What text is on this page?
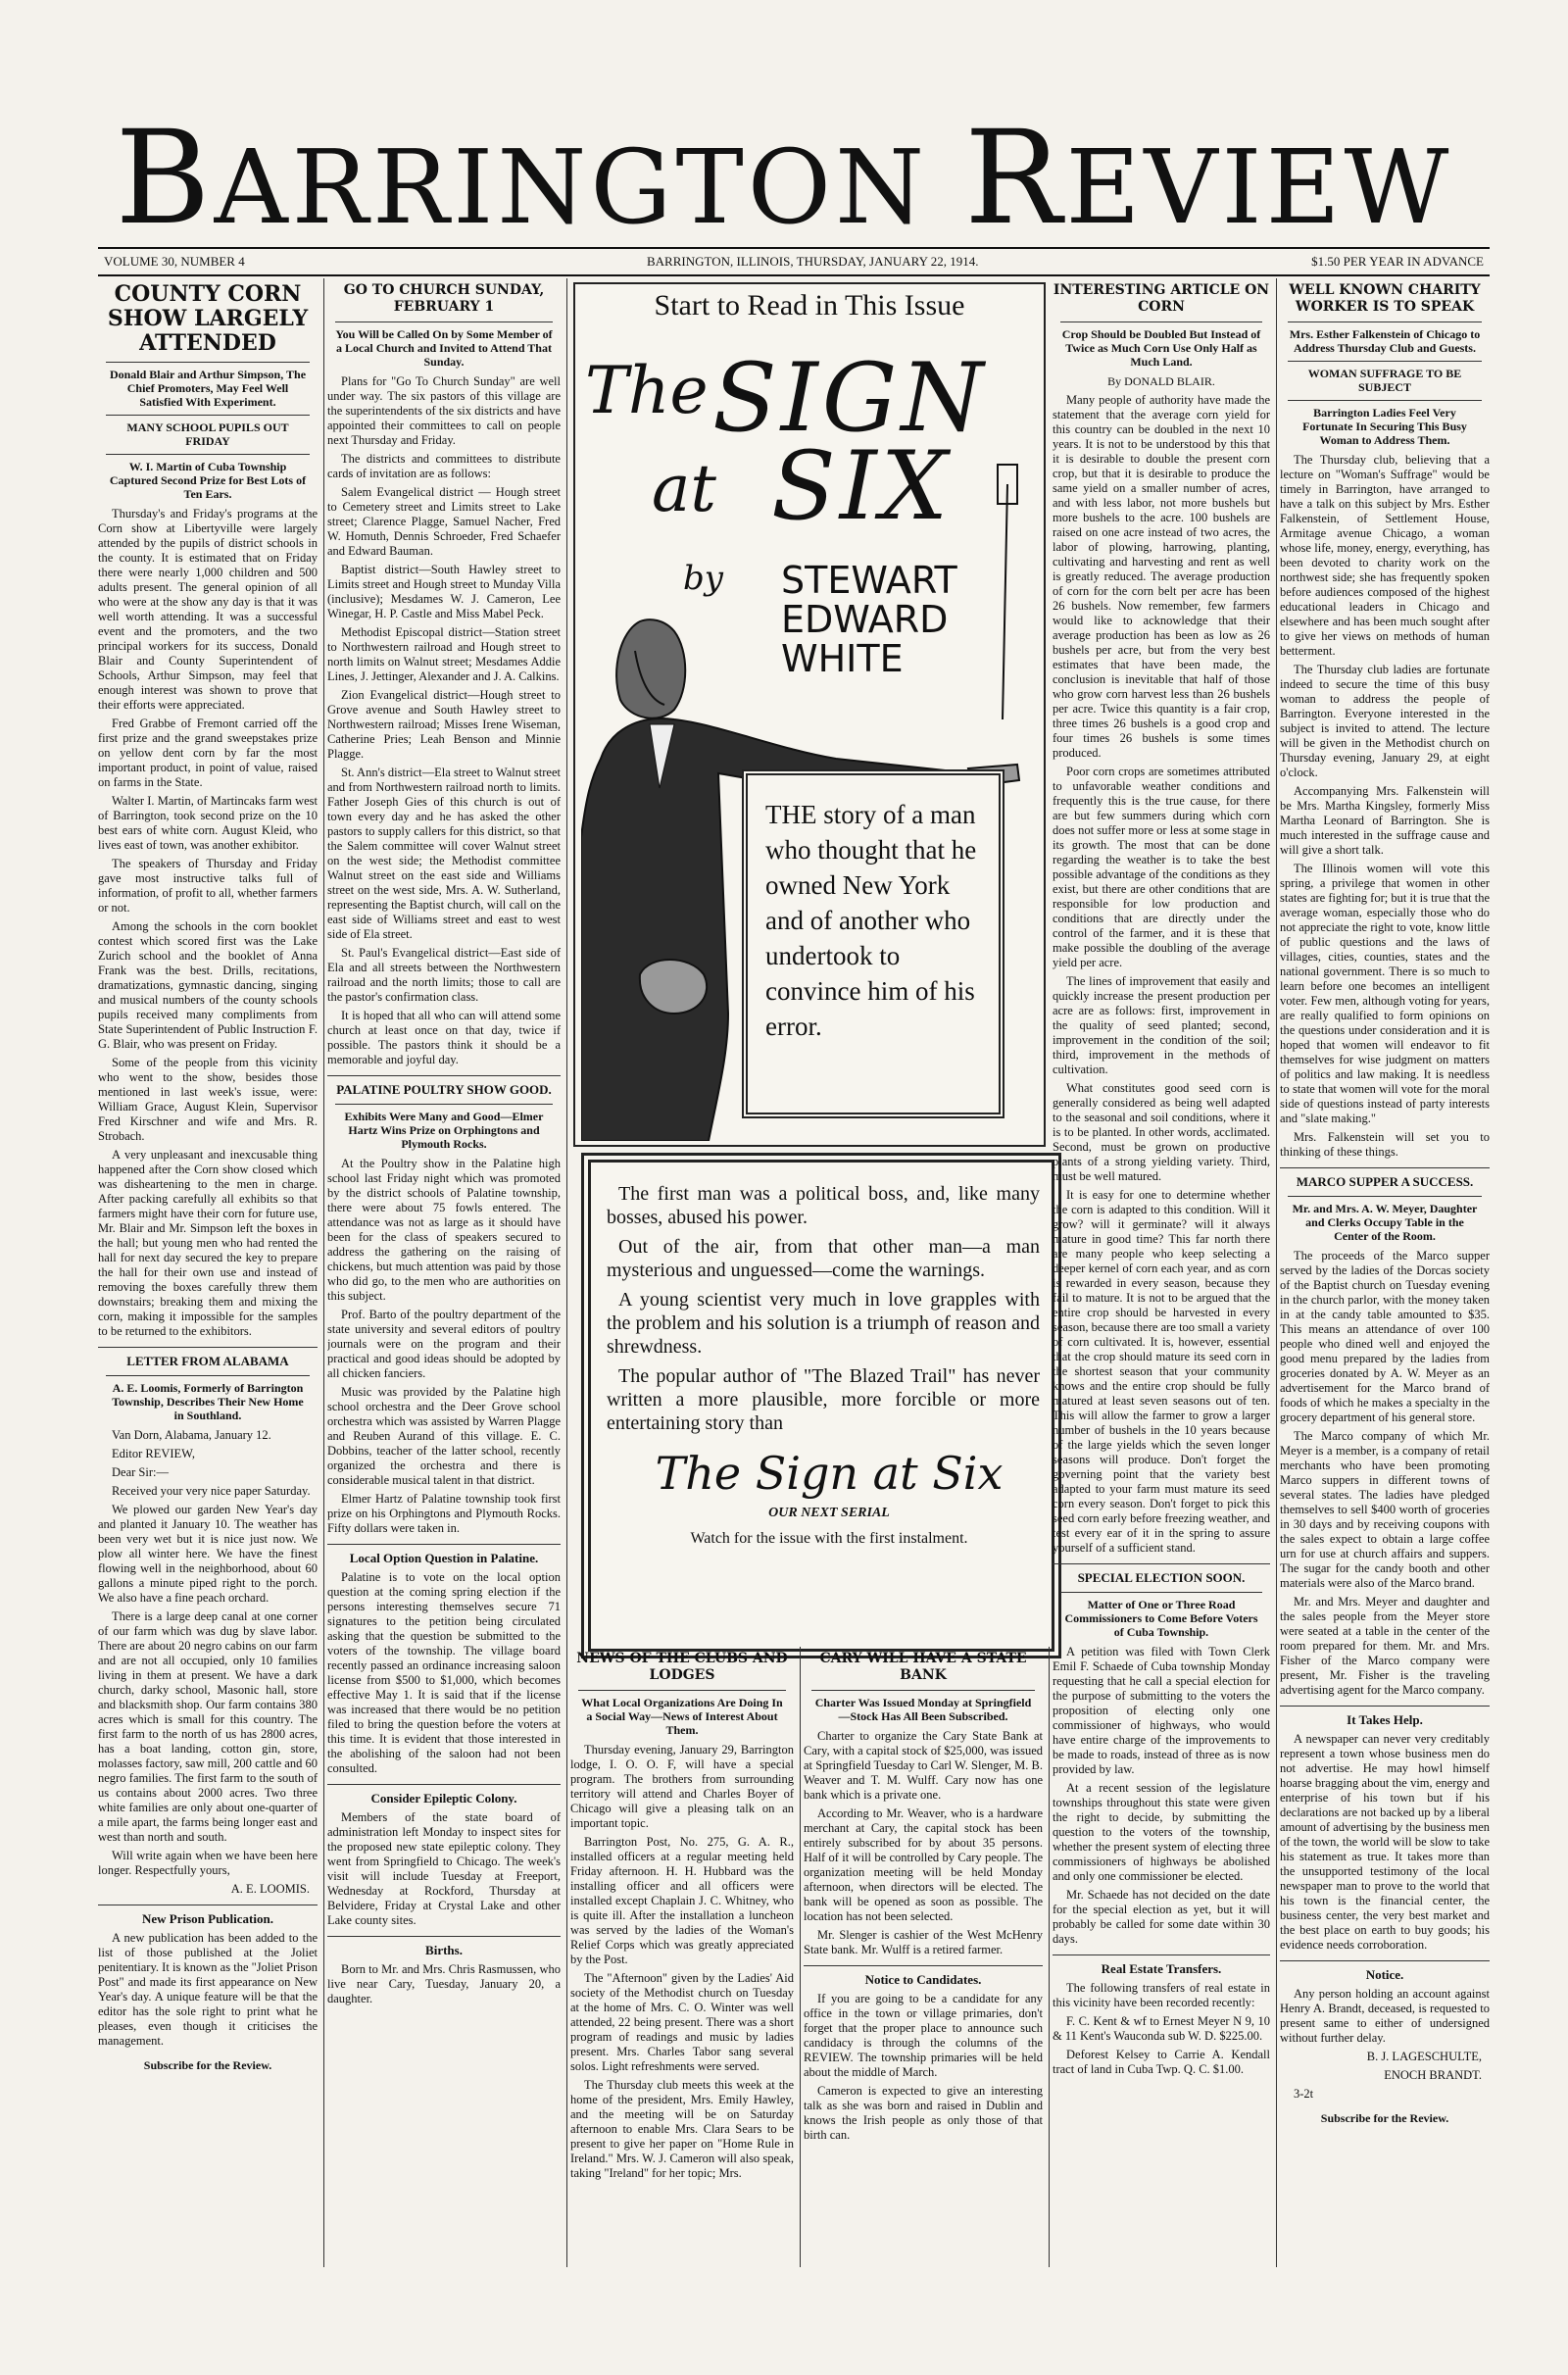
BARRINGTON REVIEW
VOLUME 30, NUMBER 4	BARRINGTON, ILLINOIS, THURSDAY, JANUARY 22, 1914.	$1.50 PER YEAR IN ADVANCE
COUNTY CORN SHOW LARGELY ATTENDED
Donald Blair and Arthur Simpson, The Chief Promoters, May Feel Well Satisfied With Experiment.
MANY SCHOOL PUPILS OUT FRIDAY
W. I. Martin of Cuba Township Captured Second Prize for Best Lots of Ten Ears.

Thursday's and Friday's programs at the Corn show at Libertyville were largely attended by the pupils of district schools in the county. It is estimated that on Friday there were nearly 1,000 children and 500 adults present. The general opinion of all who were at the show any day is that it was well worth attending. It was a successful event and the promoters, and the two principal workers for its success, Donald Blair and County Superintendent of Schools, Arthur Simpson, may feel that enough interest was shown to prove that their efforts were appreciated.

Fred Grabbe of Fremont carried off the first prize and the grand sweepstakes prize on yellow dent corn by far the most important product, in point of value, raised on farms in the State.

Walter I. Martin, of Martincaks farm west of Barrington, took second prize on the 10 best ears of white corn. August Kleid, who lives east of town, was another exhibitor.

The speakers of Thursday and Friday gave most instructive talks full of information, of profit to all, whether farmers or not.

Among the schools in the corn booklet contest which scored first was the Lake Zurich school and the booklet of Anna Frank was the best. Drills, recitations, dramatizations, gymnastic dancing, singing and musical numbers of the county schools pupils received many compliments from State Superintendent of Public Instruction F. G. Blair, who was present on Friday.

Some of the people from this vicinity who went to the show, besides those mentioned in last week's issue, were: William Grace, August Klein, Supervisor Fred Kirschner and wife and Mrs. R. Strobach.

A very unpleasant and inexcusable thing happened after the Corn show closed which was disheartening to the men in charge. After packing carefully all exhibits so that farmers might have their corn for future use, Mr. Blair and Mr. Simpson left the boxes in the hall; but young men who had rented the hall for next day secured the key to prepare the hall for their own use and instead of removing the boxes carefully threw them downstairs; breaking them and mixing the corn, making it impossible for the samples to be returned to the exhibitors.

LETTER FROM ALABAMA
A. E. Loomis, Formerly of Barrington Township, Describes Their New Home in Southland.

Van Dorn, Alabama, January 12.

Editor REVIEW,

Dear Sir:—

Received your very nice paper Saturday.

We plowed our garden New Year's day and planted it January 10. The weather has been very wet but it is nice just now. We plow all winter here. We have the finest flowing well in the neighborhood, about 60 gallons a minute piped right to the porch. We also have a fine peach orchard.

There is a large deep canal at one corner of our farm which was dug by slave labor. There are about 20 negro cabins on our farm and are not all occupied, only 10 families living in them at present. We have a dark church, darky school, Masonic hall, store and blacksmith shop. Our farm contains 380 acres which is small for this country. The first farm to the north of us has 2800 acres, has a boat landing, cotton gin, store, molasses factory, saw mill, 200 cattle and 60 negro families. The first farm to the south of us contains about 2000 acres. Two three white families are only about one-quarter of a mile apart, the farms being longer east and west than north and south.

Will write again when we have been here longer. Respectfully yours,

A. E. LOOMIS.

New Prison Publication.

A new publication has been added to the list of those published at the Joliet penitentiary. It is known as the "Joliet Prison Post" and made its first appearance on New Year's day. A unique feature will be that the editor has the sole right to print what he pleases, even though it criticises the management.

Subscribe for the Review.
GO TO CHURCH SUNDAY, FEBRUARY 1
You Will be Called On by Some Member of a Local Church and Invited to Attend That Sunday.

Plans for "Go To Church Sunday" are well under way. The six pastors of this village are the superintendents of the six districts and have appointed their committees to call on people next Thursday and Friday.

The districts and committees to distribute cards of invitation are as follows:

Salem Evangelical district — Hough street to Cemetery street and Limits street to Lake street; Clarence Plagge, Samuel Nacher, Fred W. Homuth, Dennis Schroeder, Fred Schaefer and Edward Bauman.

Baptist district—South Hawley street to Limits street and Hough street to Munday Villa (inclusive); Mesdames W. J. Cameron, Lee Winegar, H. P. Castle and Miss Mabel Peck.

Methodist Episcopal district—Station street to Northwestern railroad and Hough street to north limits on Walnut street; Mesdames Addie Lines, J. Jettinger, Alexander and J. A. Calkins.

Zion Evangelical district—Hough street to Grove avenue and South Hawley street to Northwestern railroad; Misses Irene Wiseman, Catherine Pries; Leah Benson and Minnie Plagge.

St. Ann's district—Ela street to Walnut street and from Northwestern railroad north to limits. Father Joseph Gies of this church is out of town every day and he has asked the other pastors to supply callers for this district, so that the Salem committee will cover Walnut street on the west side; the Methodist committee Walnut street on the east side and Williams street on the west side, Mrs. A. W. Sutherland, representing the Baptist church, will call on the east side of Williams street and east to west side of Ela street.

St. Paul's Evangelical district—East side of Ela and all streets between the Northwestern railroad and the north limits; those to call are the pastor's confirmation class.

It is hoped that all who can will attend some church at least once on that day, twice if possible. The pastors think it should be a memorable and joyful day.

PALATINE POULTRY SHOW GOOD.
Exhibits Were Many and Good—Elmer Hartz Wins Prize on Orphingtons and Plymouth Rocks.

At the Poultry show in the Palatine high school last Friday night which was promoted by the district schools of Palatine township, there were about 75 fowls entered. The attendance was not as large as it should have been for the class of speakers secured to address the gathering on the raising of chickens, but much attention was paid by those who did go, to the men who are authorities on this subject.

Prof. Barto of the poultry department of the state university and several editors of poultry journals were on the program and their practical and good ideas should be adopted by all chicken fanciers.

Music was provided by the Palatine high school orchestra and the Deer Grove school orchestra which was assisted by Warren Plagge and Reuben Aurand of this village. E. C. Dobbins, teacher of the latter school, recently organized the orchestra and there is considerable musical talent in that district.

Elmer Hartz of Palatine township took first prize on his Orphingtons and Plymouth Rocks. Fifty dollars were taken in.

Local Option Question in Palatine.

Palatine is to vote on the local option question at the coming spring election if the persons interesting themselves secure 71 signatures to the petition being circulated asking that the question be submitted to the voters of the township. The village board recently passed an ordinance increasing saloon license from $500 to $1,000, which becomes effective May 1. It is said that if the license was increased that there would be no petition filed to bring the question before the voters at this time. It is evident that those interested in the abolishing of the saloon had not been consulted.

Consider Epileptic Colony.

Members of the state board of administration left Monday to inspect sites for the proposed new state epileptic colony. They went from Springfield to Chicago. The week's visit will include Tuesday at Freeport, Wednesday at Rockford, Thursday at Belvidere, Friday at Crystal Lake and other Lake county sites.

Births.

Born to Mr. and Mrs. Chris Rasmussen, who live near Cary, Tuesday, January 20, a daughter.

Start to Read in This Issue
The SIGN
at SIX
by STEWART
EDWARD
WHITE
THE story of a man who thought that he owned New York and of another who undertook to convince him of his error.

The first man was a political boss, and, like many bosses, abused his power.

Out of the air, from that other man—a man mysterious and unguessed—come the warnings.

A young scientist very much in love grapples with the problem and his solution is a triumph of reason and shrewdness.

The popular author of "The Blazed Trail" has never written a more plausible, more forcible or more entertaining story than

The Sign at Six

OUR NEXT SERIAL

Watch for the issue with the first instalment.

NEWS OF THE CLUBS AND LODGES
What Local Organizations Are Doing In a Social Way—News of Interest About Them.

Thursday evening, January 29, Barrington lodge, I. O. O. F, will have a special program. The brothers from surrounding territory will attend and Charles Boyer of Chicago will give a pleasing talk on an important topic.

Barrington Post, No. 275, G. A. R., installed officers at a regular meeting held Friday afternoon. H. H. Hubbard was the installing officer and all officers were installed except Chaplain J. C. Whitney, who is quite ill. After the installation a luncheon was served by the ladies of the Woman's Relief Corps which was greatly appreciated by the Post.

The "Afternoon" given by the Ladies' Aid society of the Methodist church on Tuesday at the home of Mrs. C. O. Winter was well attended, 22 being present. There was a short program of readings and music by ladies present. Mrs. Charles Tabor sang several solos. Light refreshments were served.

The Thursday club meets this week at the home of the president, Mrs. Emily Hawley, and the meeting will be on Saturday afternoon to enable Mrs. Clara Sears to be present to give her paper on "Home Rule in Ireland." Mrs. W. J. Cameron will also speak, taking "Ireland" for her topic; Mrs.

CARY WILL HAVE A STATE BANK
Charter Was Issued Monday at Springfield—Stock Has All Been Subscribed.

Charter to organize the Cary State Bank at Cary, with a capital stock of $25,000, was issued at Springfield Tuesday to Carl W. Slenger, M. B. Weaver and T. M. Wulff. Cary now has one bank which is a private one.

According to Mr. Weaver, who is a hardware merchant at Cary, the capital stock has been entirely subscribed for by about 35 persons. Half of it will be controlled by Cary people. The organization meeting will be held Monday afternoon, when directors will be elected. The bank will be opened as soon as possible. The location has not been selected.

Mr. Slenger is cashier of the West McHenry State bank. Mr. Wulff is a retired farmer.

Notice to Candidates.

If you are going to be a candidate for any office in the town or village primaries, don't forget that the proper place to announce such candidacy is through the columns of the REVIEW. The township primaries will be held about the middle of March.

Cameron is expected to give an interesting talk as she was born and raised in Dublin and knows the Irish people as only those of that birth can.

INTERESTING ARTICLE ON CORN
Crop Should be Doubled But Instead of Twice as Much Corn Use Only Half as Much Land.
By DONALD BLAIR.

Many people of authority have made the statement that the average corn yield for this country can be doubled in the next 10 years. It is not to be understood by this that it is desirable to double the present corn crop, but that it is desirable to produce the same yield on a smaller number of acres, and with less labor, not more bushels but more bushels to the acre. 100 bushels are raised on one acre instead of two acres, the labor of plowing, harrowing, planting, cultivating and harvesting and rent as well is greatly reduced. The average production of corn for the corn belt per acre has been 26 bushels. Now remember, few farmers would like to acknowledge that their average production has been as low as 26 bushels per acre, but from the very best estimates that have been made, the conclusion is inevitable that half of those who grow corn harvest less than 26 bushels per acre. Twice this quantity is a fair crop, three times 26 bushels is a good crop and four times 26 bushels is some times produced.

Poor corn crops are sometimes attributed to unfavorable weather conditions and frequently this is the true cause, for there are but few summers during which corn does not suffer more or less at some stage in its growth. The most that can be done regarding the weather is to take the best possible advantage of the conditions as they exist, but there are other conditions that are responsible for low production and conditions that are directly under the control of the farmer, and it is these that make possible the doubling of the average yield per acre.

The lines of improvement that easily and quickly increase the present production per acre are as follows: first, improvement in the quality of seed planted; second, improvement in the condition of the soil; third, improvement in the methods of cultivation.

What constitutes good seed corn is generally considered as being well adapted to the seasonal and soil conditions, where it is to be planted. In other words, acclimated. Second, must be grown on productive plants of a strong yielding variety. Third, must be well matured.

It is easy for one to determine whether the corn is adapted to this condition. Will it grow? will it germinate? will it always mature in good time? This far north there are many people who keep selecting a deeper kernel of corn each year, and as corn is rewarded in every season, because they fail to mature. It is not to be argued that the entire crop should be harvested in every season, because there are too small a variety of corn cultivated. It is, however, essential that the crop should mature its seed corn in the shortest season that your community knows and the entire crop should be fully matured at least seven seasons out of ten. This will allow the farmer to grow a larger number of bushels in the 10 years because of the large yields which the seven longer seasons will produce. Don't forget the governing point that the variety best adapted to your farm must mature its seed corn every season. Don't forget to pick this seed corn early before freezing weather, and test every ear of it in the spring to assure yourself of a sufficient stand.

SPECIAL ELECTION SOON.
Matter of One or Three Road Commissioners to Come Before Voters of Cuba Township.

A petition was filed with Town Clerk Emil F. Schaede of Cuba township Monday requesting that he call a special election for the purpose of submitting to the voters the proposition of electing only one commissioner of highways, who would have entire charge of the improvements to be made to roads, instead of three as is now provided by law.

At a recent session of the legislature townships throughout this state were given the right to decide, by submitting the question to the voters of the township, whether the present system of electing three commissioners of highways be abolished and only one commissioner be elected.

Mr. Schaede has not decided on the date for the special election as yet, but it will probably be called for some date within 30 days.

Real Estate Transfers.

The following transfers of real estate in this vicinity have been recorded recently:

F. C. Kent & wf to Ernest Meyer N 9, 10 & 11 Kent's Wauconda sub W. D. $225.00.

Deforest Kelsey to Carrie A. Kendall tract of land in Cuba Twp. Q. C. $1.00.

WELL KNOWN CHARITY WORKER IS TO SPEAK
Mrs. Esther Falkenstein of Chicago to Address Thursday Club and Guests.
WOMAN SUFFRAGE TO BE SUBJECT
Barrington Ladies Feel Very Fortunate In Securing This Busy Woman to Address Them.

The Thursday club, believing that a lecture on "Woman's Suffrage" would be timely in Barrington, have arranged to have a talk on this subject by Mrs. Esther Falkenstein, of Settlement House, Armitage avenue Chicago, a woman whose life, money, energy, everything, has been devoted to charity work on the northwest side; she has frequently spoken before audiences composed of the highest educational leaders in Chicago and elsewhere and has been much sought after to give her views on methods of human betterment.

The Thursday club ladies are fortunate indeed to secure the time of this busy woman to address the people of Barrington. Everyone interested in the subject is invited to attend. The lecture will be given in the Methodist church on Thursday evening, January 29, at eight o'clock.

Accompanying Mrs. Falkenstein will be Mrs. Martha Kingsley, formerly Miss Martha Leonard of Barrington. She is much interested in the suffrage cause and will give a short talk.

The Illinois women will vote this spring, a privilege that women in other states are fighting for; but it is true that the average woman, especially those who do not appreciate the right to vote, know little of public questions and the laws of villages, cities, counties, states and the national government. There is so much to learn before one becomes an intelligent voter. Few men, although voting for years, are really qualified to form opinions on the questions under consideration and it is hoped that women will endeavor to fit themselves for wise judgment on matters of politics and law making. It is needless to state that women will vote for the moral side of questions instead of party interests and "slate making."

Mrs. Falkenstein will set you to thinking of these things.

MARCO SUPPER A SUCCESS.
Mr. and Mrs. A. W. Meyer, Daughter and Clerks Occupy Table in the Center of the Room.

The proceeds of the Marco supper served by the ladies of the Dorcas society of the Baptist church on Tuesday evening in the church parlor, with the money taken in at the candy table amounted to $35. This means an attendance of over 100 people who dined well and enjoyed the good menu prepared by the ladies from groceries donated by A. W. Meyer as an advertisement for the Marco brand of foods of which he makes a specialty in the grocery department of his general store.

The Marco company of which Mr. Meyer is a member, is a company of retail merchants who have been promoting Marco suppers in different towns of several states. The ladies have pledged themselves to sell $400 worth of groceries in 30 days and by receiving coupons with the sales expect to obtain a large coffee urn for use at church affairs and suppers. The sugar for the candy booth and other materials were also of the Marco brand.

Mr. and Mrs. Meyer and daughter and the sales people from the Meyer store were seated at a table in the center of the room prepared for them. Mr. and Mrs. Fisher of the Marco company were present, Mr. Fisher is the traveling advertising agent for the Marco company.

It Takes Help.

A newspaper can never very creditably represent a town whose business men do not advertise. He may howl himself hoarse bragging about the vim, energy and enterprise of his town but if his declarations are not backed up by a liberal amount of advertising by the business men of the town, the world will be slow to take his statement as true. It takes more than the unsupported testimony of the local newspaper man to prove to the world that his town is the financial center, the business center, the very best market and the best place on earth to buy goods; his evidence needs corroboration.

Notice.

Any person holding an account against Henry A. Brandt, deceased, is requested to present same to either of undersigned without further delay.

B. J. LAGESCHULTE,

ENOCH BRANDT.

3-2t

Subscribe for the Review.
